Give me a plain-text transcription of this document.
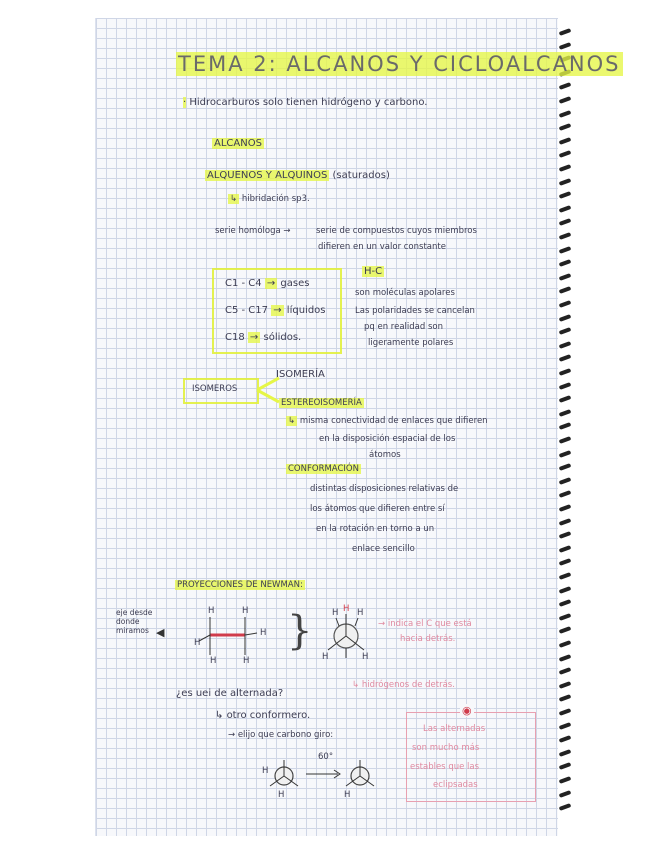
TEMA 2: ALCANOS Y CICLOALCANOS
· Hidrocarburos solo tienen hidrógeno y carbono.
ALCANOS
ALQUENOS Y ALQUINOS (saturados)
↳ hibridación sp3.
serie homóloga →	serie de compuestos cuyos miembros
difieren en un valor constante
C1 - C4 → gases
C5 - C17 → líquidos
C18 → sólidos.
H-C
son moléculas apolares
Las polaridades se cancelan
pq en realidad son
ligeramente polares
ISOMEROS
ISOMERÍA
ESTEREOISOMERÍA
↳ misma conectividad de enlaces que difieren
en la disposición espacial de los
átomos
CONFORMACIÓN
distintas disposiciones relativas de
los átomos que difieren entre sí
en la rotación en torno a un
enlace sencillo
PROYECCIONES DE NEWMAN:
eje desde
donde
miramos ◀
H	H
H
H
H	H
} H H
H
H	H
→ indica el C que está
hacia detrás.
↳ hidrógenos de detrás.
¿es uei de alternada?
↳ otro conformero.
→ elijo que carbono giro:
60°
H
H	H
◉
Las alternadas
son mucho más
estables que las
eclipsadas
